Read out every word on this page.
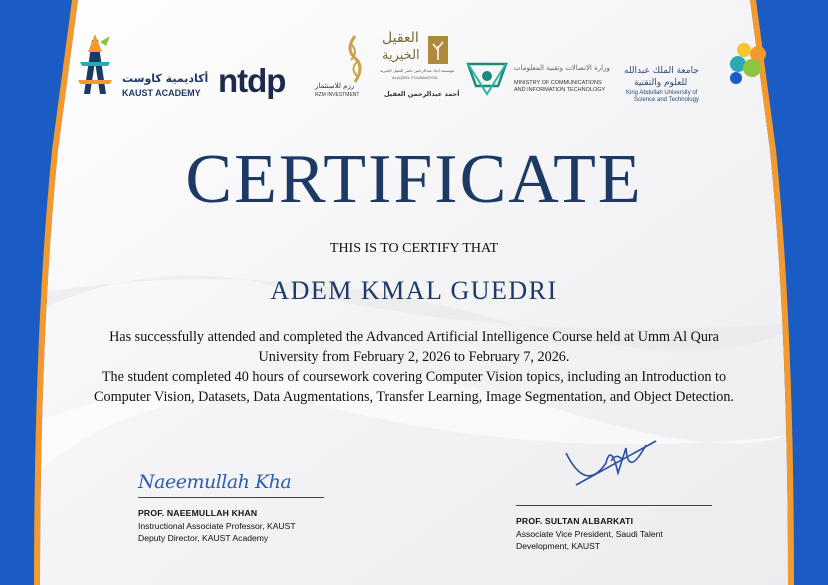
أكاديمية كاوست
KAUST ACADEMY ntdp	رزم للاستثمار
RZM INVESTMENT
العقيل
الخيرية
مؤسسة ابناء عبدالرحمن ناصر العقيل الخيرية
ALAQEEL FOUNDATION
أحمد عبدالرحمن العقيل
وزارة الاتصالات وتقنية المعلومات
MINISTRY OF COMMUNICATIONS
AND INFORMATION TECHNOLOGY
جامعة الملك عبدالله
للعلوم والتقنية
King Abdullah University of
Science and Technology
CERTIFICATE
THIS IS TO CERTIFY THAT
ADEM KMAL GUEDRI

Has successfully attended and completed the Advanced Artificial Intelligence Course held at Umm Al Qura University from February 2, 2026 to February 7, 2026.

The student completed 40 hours of coursework covering Computer Vision topics, including an Introduction to Computer Vision, Datasets, Data Augmentations, Transfer Learning, Image Segmentation, and Object Detection.

Naeemullah Kha
PROF. NAEEMULLAH KHAN
Instructional Associate Professor, KAUST
Deputy Director, KAUST Academy
PROF. SULTAN ALBARKATI
Associate Vice President, Saudi Talent
Development, KAUST
